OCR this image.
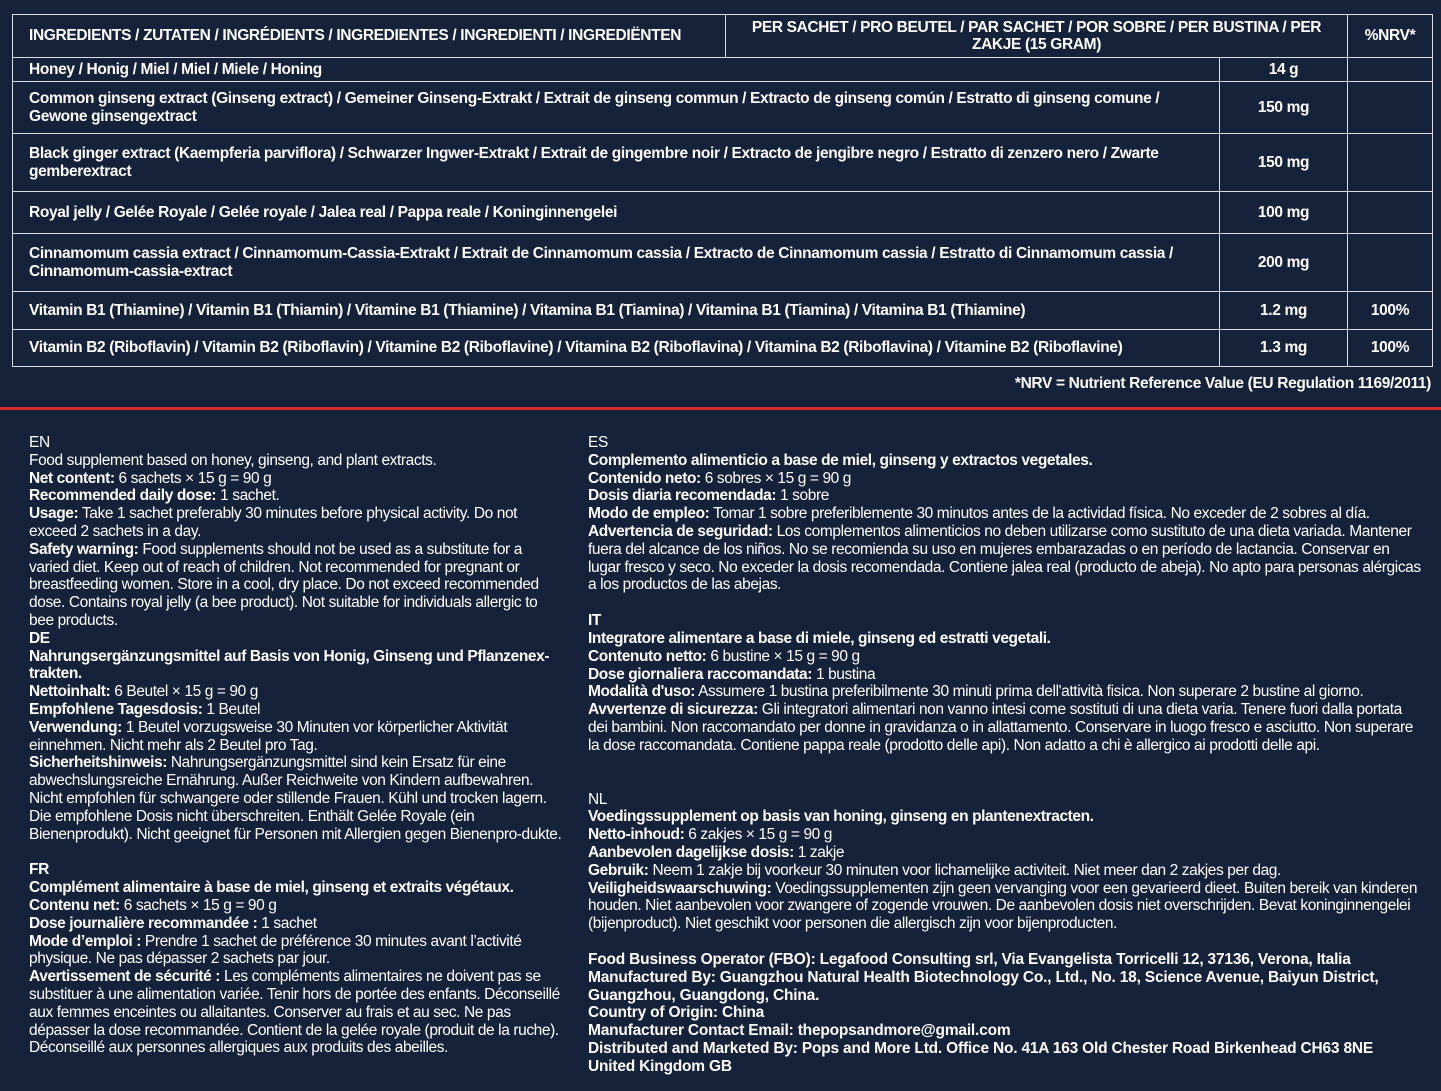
INGREDIENTS / ZUTATEN / INGRÉDIENTS / INGREDIENTES / INGREDIENTI / INGREDIËNTEN	PER SACHET / PRO BEUTEL / PAR SACHET / POR SOBRE / PER BUSTINA / PER ZAKJE (15 GRAM)		%NRV*
Honey / Honig / Miel / Miel / Miele / Honing		14 g	
Common ginseng extract (Ginseng extract) / Gemeiner Ginseng-Extrakt / Extrait de ginseng commun / Extracto de ginseng común / Estratto di ginseng comune / Gewone ginsengextract		150 mg	
Black ginger extract (Kaempferia parviflora) / Schwarzer Ingwer-Extrakt / Extrait de gingembre noir / Extracto de jengibre negro / Estratto di zenzero nero / Zwarte gemberextract		150 mg	
Royal jelly / Gelée Royale / Gelée royale / Jalea real / Pappa reale / Koninginnengelei		100 mg	
Cinnamomum cassia extract / Cinnamomum-Cassia-Extrakt / Extrait de Cinnamomum cassia / Extracto de Cinnamomum cassia / Estratto di Cinnamomum cassia / Cinnamomum-cassia-extract		200 mg	
Vitamin B1 (Thiamine) / Vitamin B1 (Thiamin) / Vitamine B1 (Thiamine) / Vitamina B1 (Tiamina) / Vitamina B1 (Tiamina) / Vitamina B1 (Thiamine)		1.2 mg	100%
Vitamin B2 (Riboflavin) / Vitamin B2 (Riboflavin) / Vitamine B2 (Riboflavine) / Vitamina B2 (Riboflavina) / Vitamina B2 (Riboflavina) / Vitamine B2 (Riboflavine)		1.3 mg	100%
*NRV = Nutrient Reference Value (EU Regulation 1169/2011)
EN
Food supplement based on honey, ginseng, and plant extracts.
Net content: 6 sachets × 15 g = 90 g
Recommended daily dose: 1 sachet.
Usage: Take 1 sachet preferably 30 minutes before physical activity. Do not exceed 2 sachets in a day.
Safety warning: Food supplements should not be used as a substitute for a varied diet. Keep out of reach of children. Not recommended for pregnant or breastfeeding women. Store in a cool, dry place. Do not exceed recommended dose. Contains royal jelly (a bee product). Not suitable for individuals allergic to bee products.
DE
Nahrungsergänzungsmittel auf Basis von Honig, Ginseng und Pflanzenex-trakten.
Nettoinhalt: 6 Beutel × 15 g = 90 g
Empfohlene Tagesdosis: 1 Beutel
Verwendung: 1 Beutel vorzugsweise 30 Minuten vor körperlicher Aktivität einnehmen. Nicht mehr als 2 Beutel pro Tag.
Sicherheitshinweis: Nahrungsergänzungsmittel sind kein Ersatz für eine abwechslungsreiche Ernährung. Außer Reichweite von Kindern aufbewahren. Nicht empfohlen für schwangere oder stillende Frauen. Kühl und trocken lagern. Die empfohlene Dosis nicht überschreiten. Enthält Gelée Royale (ein Bienenprodukt). Nicht geeignet für Personen mit Allergien gegen Bienenpro-dukte.
FR
Complément alimentaire à base de miel, ginseng et extraits végétaux.
Contenu net: 6 sachets × 15 g = 90 g
Dose journalière recommandée : 1 sachet
Mode d’emploi : Prendre 1 sachet de préférence 30 minutes avant l’activité physique. Ne pas dépasser 2 sachets par jour.
Avertissement de sécurité : Les compléments alimentaires ne doivent pas se substituer à une alimentation variée. Tenir hors de portée des enfants. Déconseillé aux femmes enceintes ou allaitantes. Conserver au frais et au sec. Ne pas dépasser la dose recommandée. Contient de la gelée royale (produit de la ruche). Déconseillé aux personnes allergiques aux produits des abeilles.
ES
Complemento alimenticio a base de miel, ginseng y extractos vegetales.
Contenido neto: 6 sobres × 15 g = 90 g
Dosis diaria recomendada: 1 sobre
Modo de empleo: Tomar 1 sobre preferiblemente 30 minutos antes de la actividad física. No exceder de 2 sobres al día.
Advertencia de seguridad: Los complementos alimenticios no deben utilizarse como sustituto de una dieta variada. Mantener fuera del alcance de los niños. No se recomienda su uso en mujeres embarazadas o en período de lactancia. Conservar en lugar fresco y seco. No exceder la dosis recomendada. Contiene jalea real (producto de abeja). No apto para personas alérgicas a los productos de las abejas.
IT
Integratore alimentare a base di miele, ginseng ed estratti vegetali.
Contenuto netto: 6 bustine × 15 g = 90 g
Dose giornaliera raccomandata: 1 bustina
Modalità d'uso: Assumere 1 bustina preferibilmente 30 minuti prima dell'attività fisica. Non superare 2 bustine al giorno.
Avvertenze di sicurezza: Gli integratori alimentari non vanno intesi come sostituti di una dieta varia. Tenere fuori dalla portata dei bambini. Non raccomandato per donne in gravidanza o in allattamento. Conservare in luogo fresco e asciutto. Non superare la dose raccomandata. Contiene pappa reale (prodotto delle api). Non adatto a chi è allergico ai prodotti delle api.
NL
Voedingssupplement op basis van honing, ginseng en plantenextracten.
Netto-inhoud: 6 zakjes × 15 g = 90 g
Aanbevolen dagelijkse dosis: 1 zakje
Gebruik: Neem 1 zakje bij voorkeur 30 minuten voor lichamelijke activiteit. Niet meer dan 2 zakjes per dag.
Veiligheidswaarschuwing: Voedingssupplementen zijn geen vervanging voor een gevarieerd dieet. Buiten bereik van kinderen houden. Niet aanbevolen voor zwangere of zogende vrouwen. De aanbevolen dosis niet overschrijden. Bevat koninginnengelei (bijenproduct). Niet geschikt voor personen die allergisch zijn voor bijenproducten.
Food Business Operator (FBO): Legafood Consulting srl, Via Evangelista Torricelli 12, 37136, Verona, Italia
Manufactured By: Guangzhou Natural Health Biotechnology Co., Ltd., No. 18, Science Avenue, Baiyun District, Guangzhou, Guangdong, China.
Country of Origin: China
Manufacturer Contact Email: thepopsandmore@gmail.com
Distributed and Marketed By: Pops and More Ltd. Office No. 41A 163 Old Chester Road Birkenhead CH63 8NE United Kingdom GB
